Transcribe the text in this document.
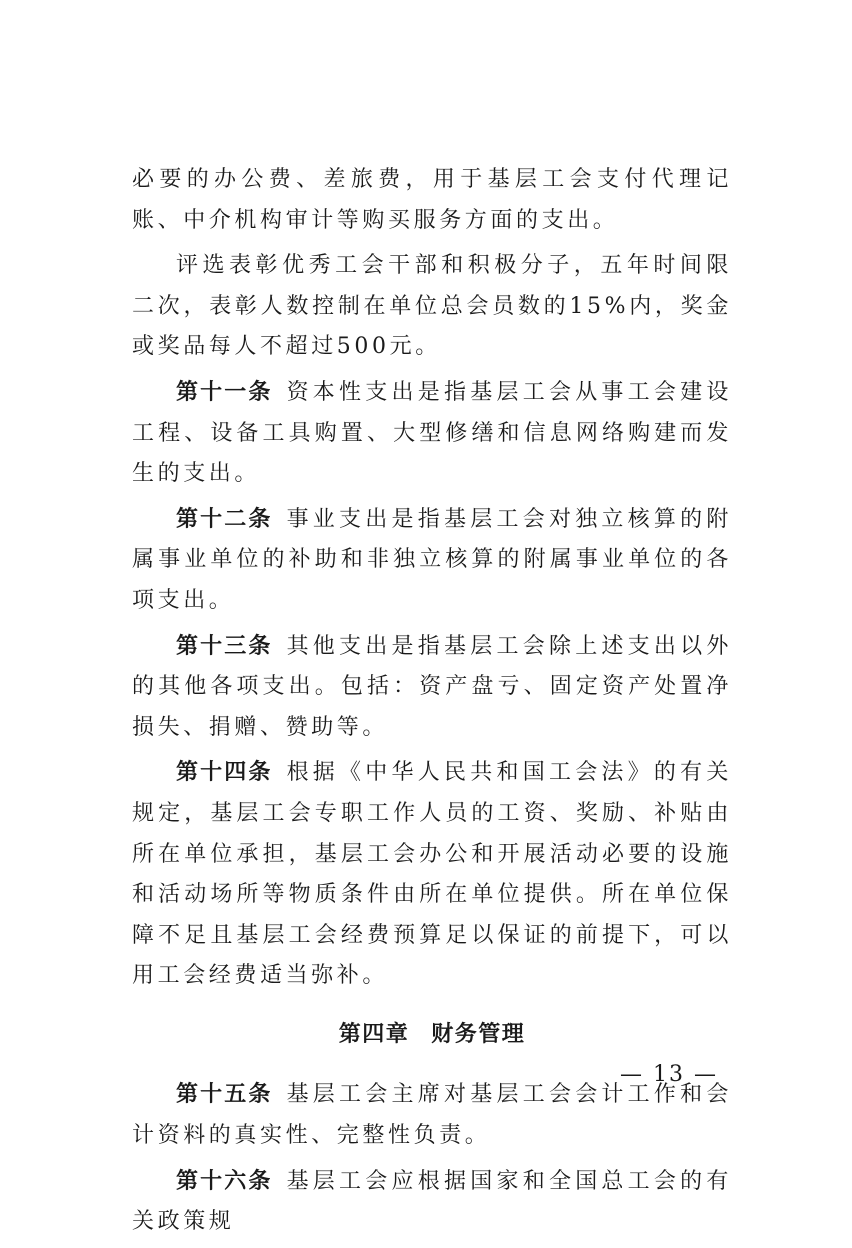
必要的办公费、差旅费，用于基层工会支付代理记账、中介机构审计等购买服务方面的支出。

评选表彰优秀工会干部和积极分子，五年时间限二次，表彰人数控制在单位总会员数的15%内，奖金或奖品每人不超过500元。

第十一条 资本性支出是指基层工会从事工会建设工程、设备工具购置、大型修缮和信息网络购建而发生的支出。

第十二条 事业支出是指基层工会对独立核算的附属事业单位的补助和非独立核算的附属事业单位的各项支出。

第十三条 其他支出是指基层工会除上述支出以外的其他各项支出。包括：资产盘亏、固定资产处置净损失、捐赠、赞助等。

第十四条 根据《中华人民共和国工会法》的有关规定，基层工会专职工作人员的工资、奖励、补贴由所在单位承担，基层工会办公和开展活动必要的设施和活动场所等物质条件由所在单位提供。所在单位保障不足且基层工会经费预算足以保证的前提下，可以用工会经费适当弥补。

第四章 财务管理

第十五条 基层工会主席对基层工会会计工作和会计资料的真实性、完整性负责。

第十六条 基层工会应根据国家和全国总工会的有关政策规

— 13 —
